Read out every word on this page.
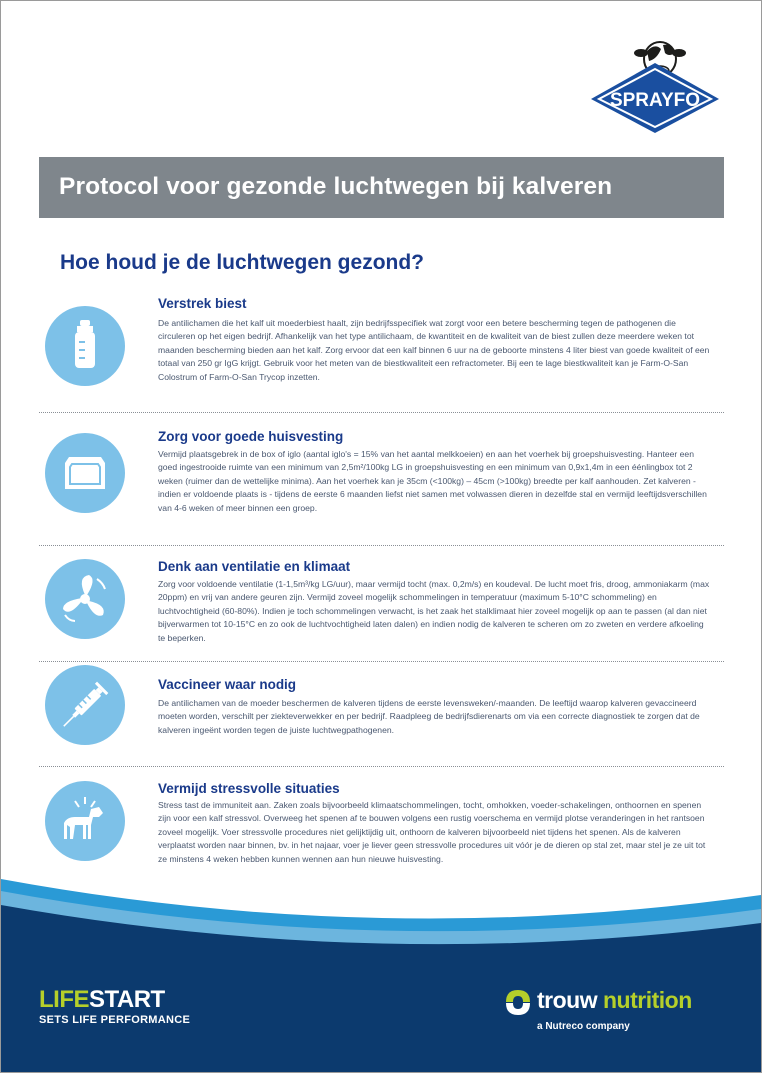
SPRAYFO
Protocol voor gezonde luchtwegen bij kalveren
Hoe houd je de luchtwegen gezond?
Verstrek biest

De antilichamen die het kalf uit moederbiest haalt, zijn bedrijfsspecifiek wat zorgt voor een betere bescherming tegen de pathogenen die circuleren op het eigen bedrijf. Afhankelijk van het type antilichaam, de kwantiteit en de kwaliteit van de biest zullen deze meerdere weken tot maanden bescherming bieden aan het kalf. Zorg ervoor dat een kalf binnen 6 uur na de geboorte minstens 4 liter biest van goede kwaliteit of een totaal van 250 gr IgG krijgt. Gebruik voor het meten van de biestkwaliteit een refractometer. Bij een te lage biestkwaliteit kan je Farm-O-San Colostrum of Farm-O-San Trycop inzetten.

Zorg voor goede huisvesting

Vermijd plaatsgebrek in de box of iglo (aantal iglo's = 15% van het aantal melkkoeien) en aan het voerhek bij groepshuisvesting. Hanteer een goed ingestrooide ruimte van een minimum van 2,5m²/100kg LG in groepshuisvesting en een minimum van 0,9x1,4m in een éénlingbox tot 2 weken (ruimer dan de wettelijke minima). Aan het voerhek kan je 35cm (<100kg) – 45cm (>100kg) breedte per kalf aanhouden. Zet kalveren - indien er voldoende plaats is - tijdens de eerste 6 maanden liefst niet samen met volwassen dieren in dezelfde stal en vermijd leeftijdsverschillen van 4-6 weken of meer binnen een groep.

Denk aan ventilatie en klimaat

Zorg voor voldoende ventilatie (1-1,5m³/kg LG/uur), maar vermijd tocht (max. 0,2m/s) en koudeval. De lucht moet fris, droog, ammoniakarm (max 20ppm) en vrij van andere geuren zijn. Vermijd zoveel mogelijk schommelingen in temperatuur (maximum 5-10°C schommeling) en luchtvochtigheid (60-80%). Indien je toch schommelingen verwacht, is het zaak het stalklimaat hier zoveel mogelijk op aan te passen (al dan niet bijverwarmen tot 10-15°C en zo ook de luchtvochtigheid laten dalen) en indien nodig de kalveren te scheren om zo zweten en verdere afkoeling te beperken.

Vaccineer waar nodig

De antilichamen van de moeder beschermen de kalveren tijdens de eerste levensweken/-maanden. De leeftijd waarop kalveren gevaccineerd moeten worden, verschilt per ziekteverwekker en per bedrijf. Raadpleeg de bedrijfsdierenarts om via een correcte diagnostiek te zorgen dat de kalveren ingeënt worden tegen de juiste luchtwegpathogenen.

Vermijd stressvolle situaties

Stress tast de immuniteit aan. Zaken zoals bijvoorbeeld klimaatschommelingen, tocht, omhokken, voeder-schakelingen, onthoornen en spenen zijn voor een kalf stressvol. Overweeg het spenen af te bouwen volgens een rustig voerschema en vermijd plotse veranderingen in het rantsoen zoveel mogelijk. Voer stressvolle procedures niet gelijktijdig uit, onthoorn de kalveren bijvoorbeeld niet tijdens het spenen. Als de kalveren verplaatst worden naar binnen, bv. in het najaar, voer je liever geen stressvolle procedures uit vóór je de dieren op stal zet, maar stel je ze uit tot ze minstens 4 weken hebben kunnen wennen aan hun nieuwe huisvesting.

LIFESTART
SETS LIFE PERFORMANCE
trouw nutrition
a Nutreco company
